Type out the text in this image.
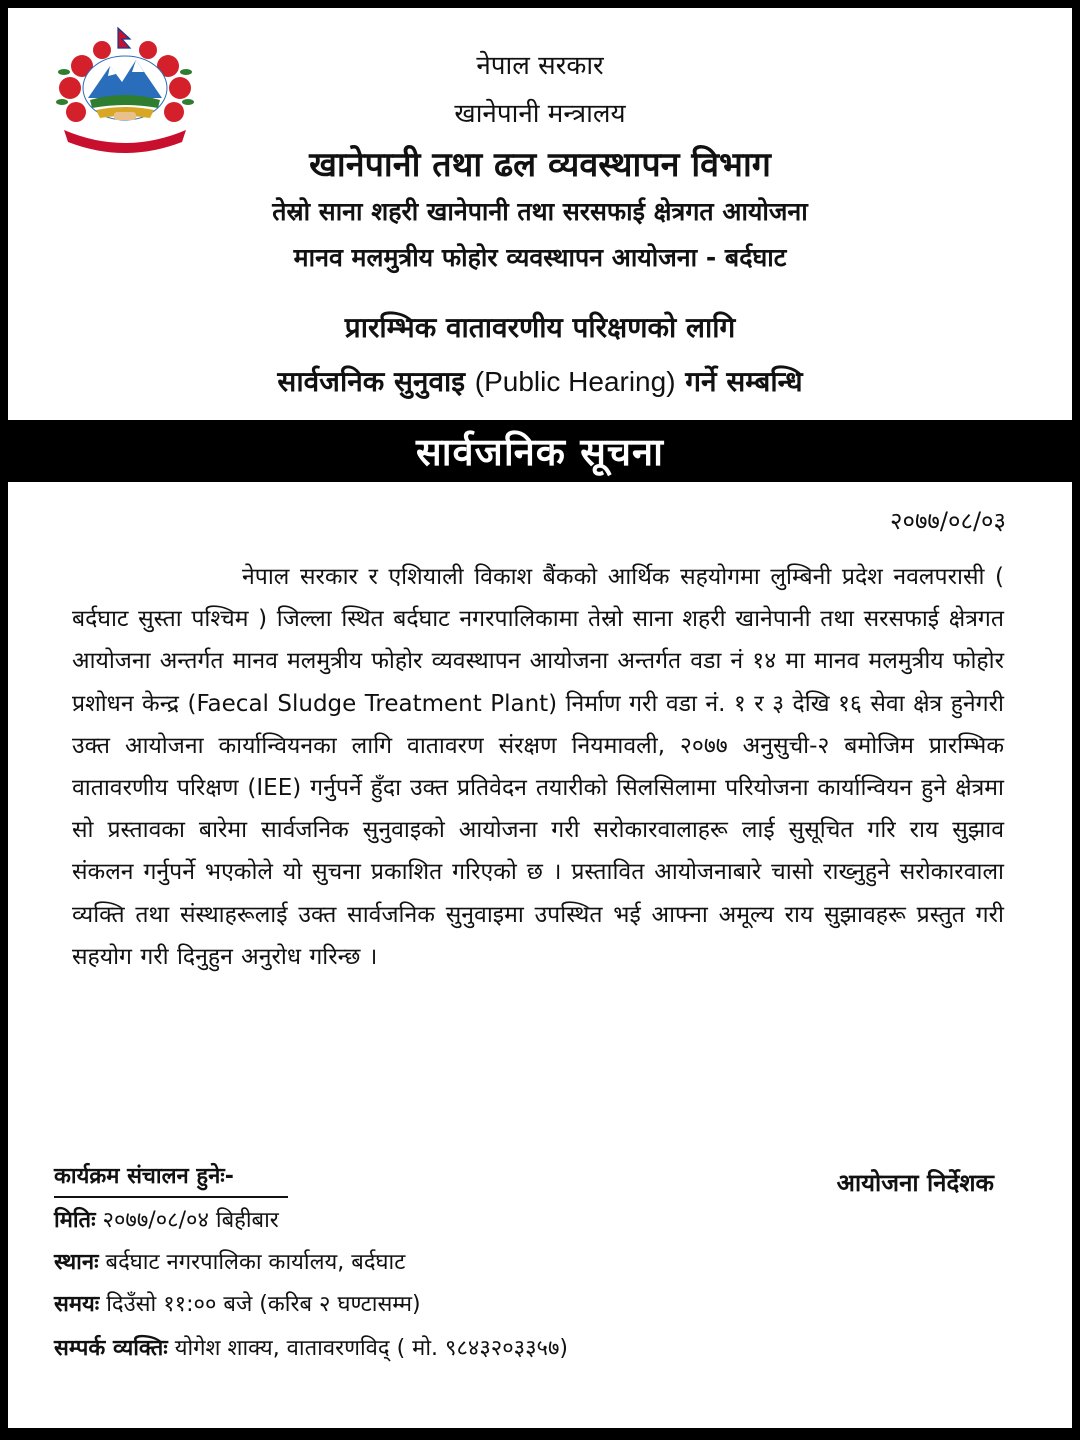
नेपाल सरकार

खानेपानी मन्त्रालय

खानेपानी तथा ढल व्यवस्थापन विभाग

तेस्रो साना शहरी खानेपानी तथा सरसफाई क्षेत्रगत आयोजना

मानव मलमुत्रीय फोहोर व्यवस्थापन आयोजना - बर्दघाट

प्रारम्भिक वातावरणीय परिक्षणको लागि

सार्वजनिक सुनुवाइ (Public Hearing) गर्ने सम्बन्धि

सार्वजनिक सूचना
२०७७/०८/०३

नेपाल सरकार र एशियाली विकाश बैंकको आर्थिक सहयोगमा लुम्बिनी प्रदेश नवलपरासी ( बर्दघाट सुस्ता पश्चिम ) जिल्ला स्थित बर्दघाट नगरपालिकामा तेस्रो साना शहरी खानेपानी तथा सरसफाई क्षेत्रगत आयोजना अन्तर्गत मानव मलमुत्रीय फोहोर व्यवस्थापन आयोजना अन्तर्गत वडा नं १४ मा मानव मलमुत्रीय फोहोर प्रशोधन केन्द्र (Faecal Sludge Treatment Plant) निर्माण गरी वडा नं. १ र ३ देखि १६ सेवा क्षेत्र हुनेगरी उक्त आयोजना कार्यान्वियनका लागि वातावरण संरक्षण नियमावली, २०७७ अनुसुची-२ बमोजिम प्रारम्भिक वातावरणीय परिक्षण (IEE) गर्नुपर्ने हुँदा उक्त प्रतिवेदन तयारीको सिलसिलामा परियोजना कार्यान्वियन हुने क्षेत्रमा सो प्रस्तावका बारेमा सार्वजनिक सुनुवाइको आयोजना गरी सरोकारवालाहरू लाई सुसूचित गरि राय सुझाव संकलन गर्नुपर्ने भएकोले यो सुचना प्रकाशित गरिएको छ । प्रस्तावित आयोजनाबारे चासो राख्नुहुने सरोकारवाला व्यक्ति तथा संस्थाहरूलाई उक्त सार्वजनिक सुनुवाइमा उपस्थित भई आफ्ना अमूल्य राय सुझावहरू प्रस्तुत गरी सहयोग गरी दिनुहुन अनुरोध गरिन्छ ।

कार्यक्रम संचालन हुनेः-
मितिः २०७७/०८/०४ बिहीबार
स्थानः बर्दघाट नगरपालिका कार्यालय, बर्दघाट
समयः दिउँसो ११:०० बजे (करिब २ घण्टासम्म)
सम्पर्क व्यक्तिः योगेश शाक्य, वातावरणविद् ( मो. ९८४३२०३३५७)
आयोजना निर्देशक
